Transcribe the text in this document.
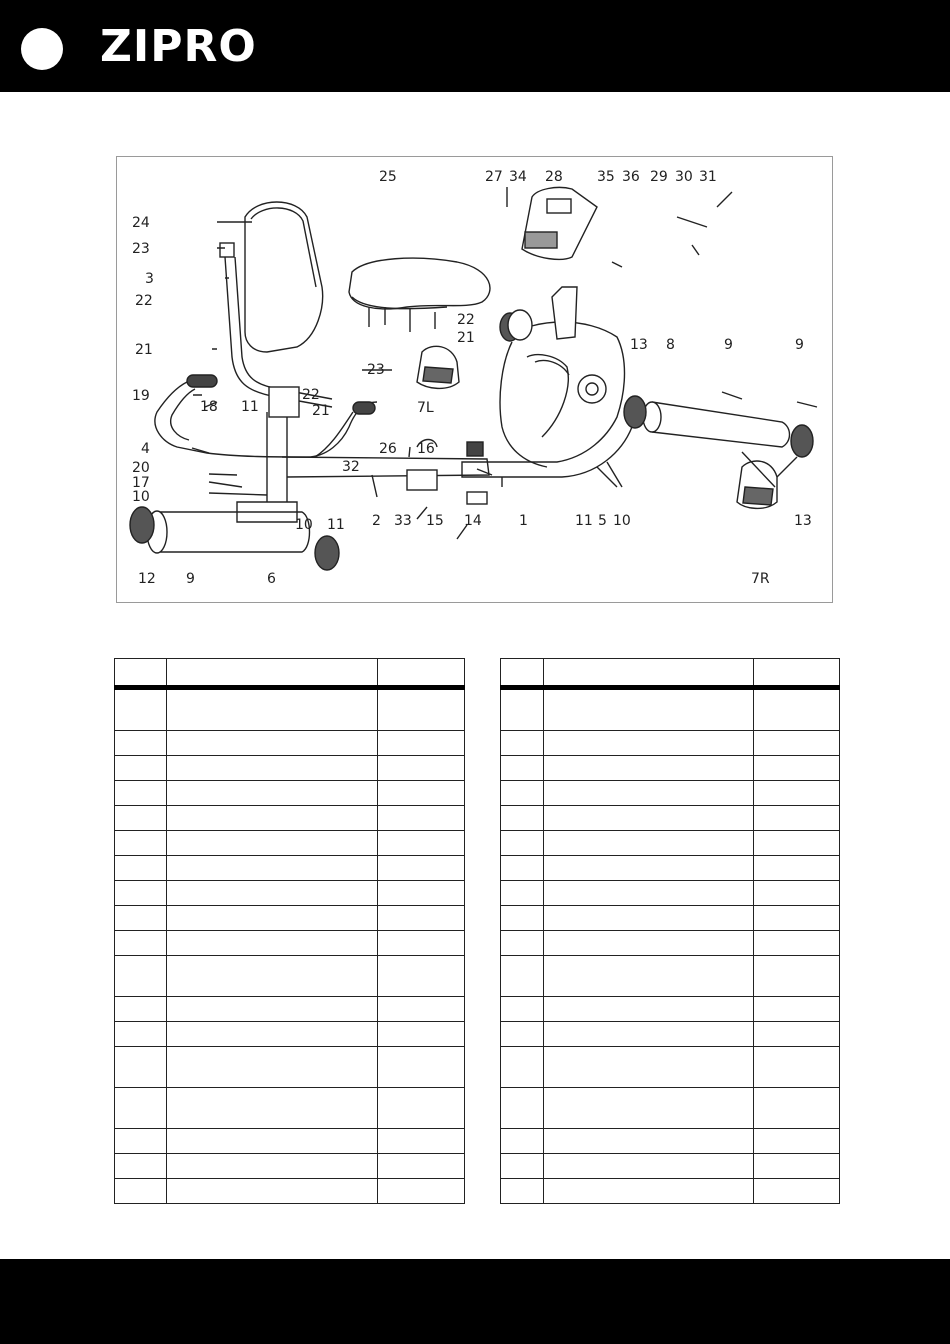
ZIPRO
25	27 34 28 35 36 29 30 31
24
23
3
22
22
21
21
23
19
18 11
22
21
4	26 16
7L
13 8	9	9
20
17
32
10
10 11 2 33 15 14	1	11 5 10	13
12 9	6	7R
